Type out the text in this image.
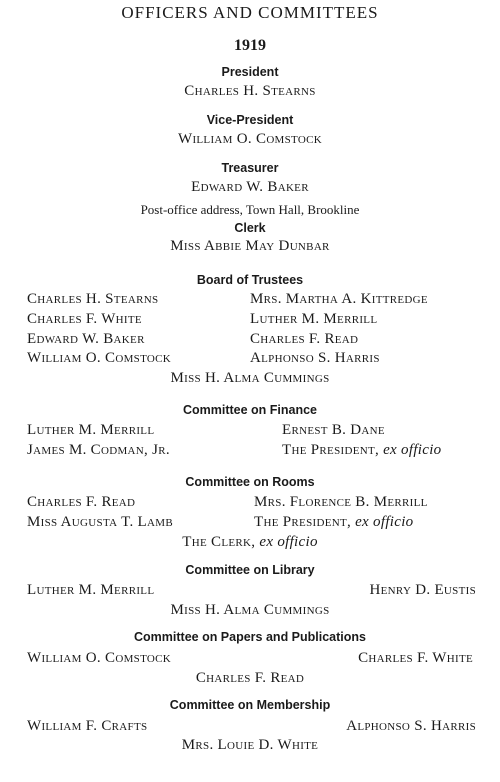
OFFICERS AND COMMITTEES
1919
President
Charles H. Stearns
Vice-President
William O. Comstock
Treasurer
Edward W. Baker
Post-office address, Town Hall, Brookline
Clerk
Miss Abbie May Dunbar
Board of Trustees
Charles H. Stearns	Mrs. Martha A. Kittredge
Charles F. White	Luther M. Merrill
Edward W. Baker	Charles F. Read
William O. Comstock	Alphonso S. Harris
Miss H. Alma Cummings
Committee on Finance
Luther M. Merrill	Ernest B. Dane
James M. Codman, Jr.	The President, ex officio
Committee on Rooms
Charles F. Read	Mrs. Florence B. Merrill
Miss Augusta T. Lamb	The President, ex officio
The Clerk, ex officio
Committee on Library
Luther M. Merrill	Henry D. Eustis
Miss H. Alma Cummings
Committee on Papers and Publications
William O. Comstock	Charles F. White
Charles F. Read
Committee on Membership
William F. Crafts	Alphonso S. Harris
Mrs. Louie D. White
